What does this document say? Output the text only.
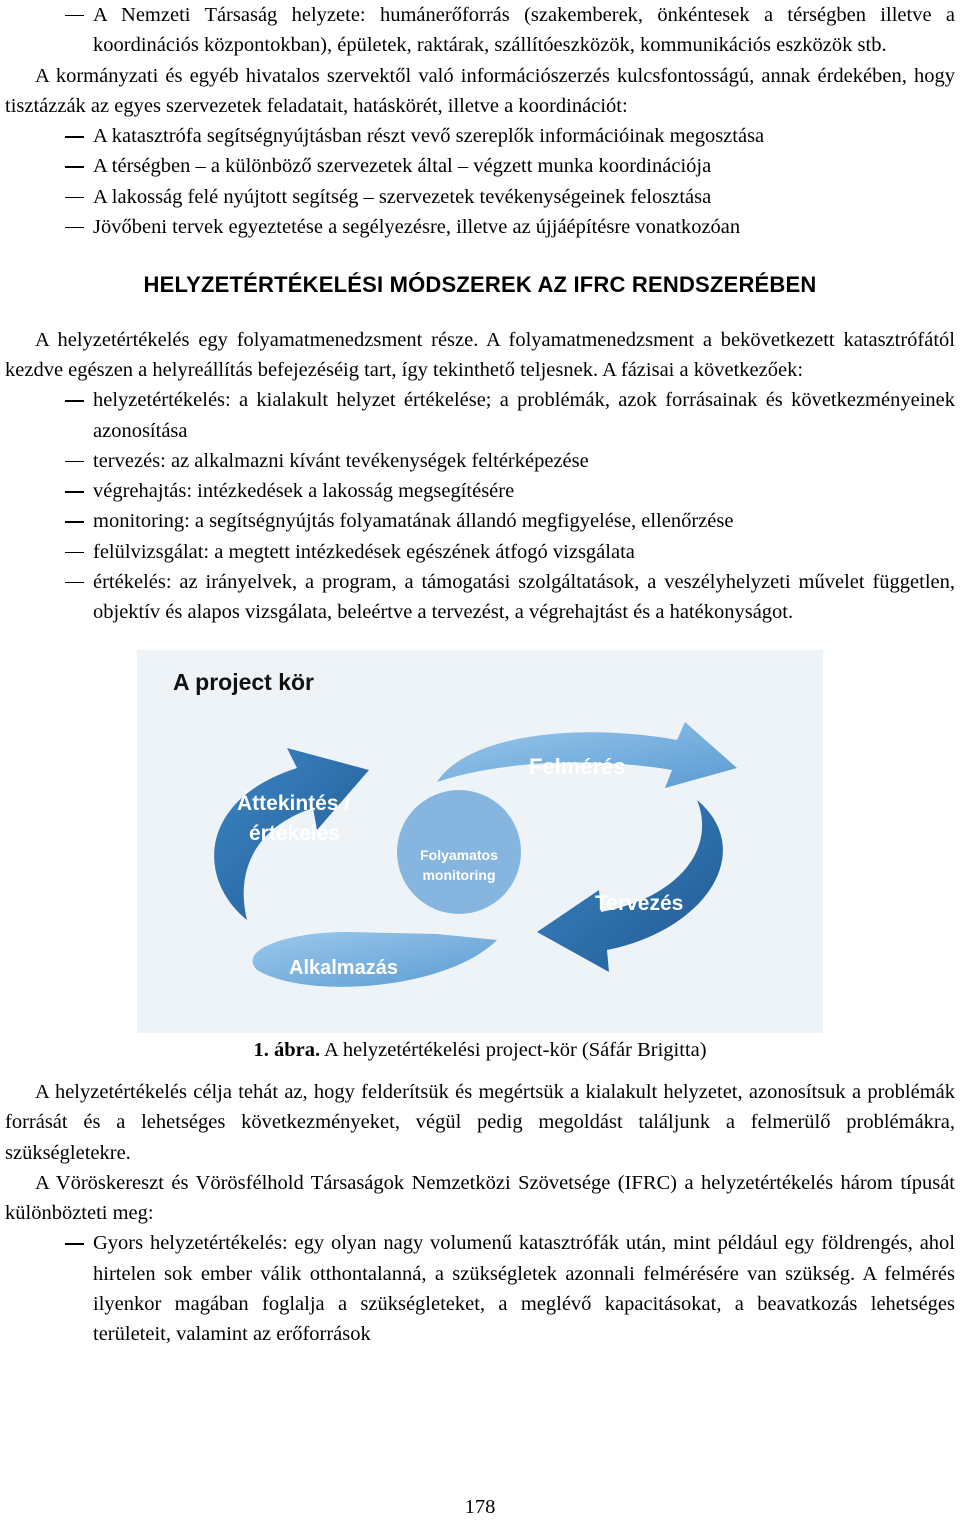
A Nemzeti Társaság helyzete: humánerőforrás (szakemberek, önkéntesek a térségben illetve a koordinációs központokban), épületek, raktárak, szállítóeszközök, kommunikációs eszközök stb.
A kormányzati és egyéb hivatalos szervektől való információszerzés kulcsfontosságú, annak érdekében, hogy tisztázzák az egyes szervezetek feladatait, hatáskörét, illetve a koordinációt:
A katasztrófa segítségnyújtásban részt vevő szereplők információinak megosztása
A térségben – a különböző szervezetek által – végzett munka koordinációja
A lakosság felé nyújtott segítség – szervezetek tevékenységeinek felosztása
Jövőbeni tervek egyeztetése a segélyezésre, illetve az újjáépítésre vonatkozóan
HELYZETÉRTÉKELÉSI MÓDSZEREK AZ IFRC RENDSZERÉBEN
A helyzetértékelés egy folyamatmenedzsment része. A folyamatmenedzsment a bekövetkezett katasztrófától kezdve egészen a helyreállítás befejezéséig tart, így tekinthető teljesnek. A fázisai a következőek:
helyzetértékelés: a kialakult helyzet értékelése; a problémák, azok forrásainak és következményeinek azonosítása
tervezés: az alkalmazni kívánt tevékenységek feltérképezése
végrehajtás: intézkedések a lakosság megsegítésére
monitoring: a segítségnyújtás folyamatának állandó megfigyelése, ellenőrzése
felülvizsgálat: a megtett intézkedések egészének átfogó vizsgálata
értékelés: az irányelvek, a program, a támogatási szolgáltatások, a veszélyhelyzeti művelet független, objektív és alapos vizsgálata, beleértve a tervezést, a végrehajtást és a hatékonyságot.
A project kör
Felmérés
Áttekintés /
értékelés
Folyamatos
monitoring
Tervezés
Alkalmazás
1. ábra. A helyzetértékelési project-kör (Sáfár Brigitta)
A helyzetértékelés célja tehát az, hogy felderítsük és megértsük a kialakult helyzetet, azonosítsuk a problémák forrását és a lehetséges következményeket, végül pedig megoldást találjunk a felmerülő problémákra, szükségletekre.
A Vöröskereszt és Vörösfélhold Társaságok Nemzetközi Szövetsége (IFRC) a helyzetértékelés három típusát különbözteti meg:
Gyors helyzetértékelés: egy olyan nagy volumenű katasztrófák után, mint például egy földrengés, ahol hirtelen sok ember válik otthontalanná, a szükségletek azonnali felmérésére van szükség. A felmérés ilyenkor magában foglalja a szükségleteket, a meglévő kapacitásokat, a beavatkozás lehetséges területeit, valamint az erőforrások
178
